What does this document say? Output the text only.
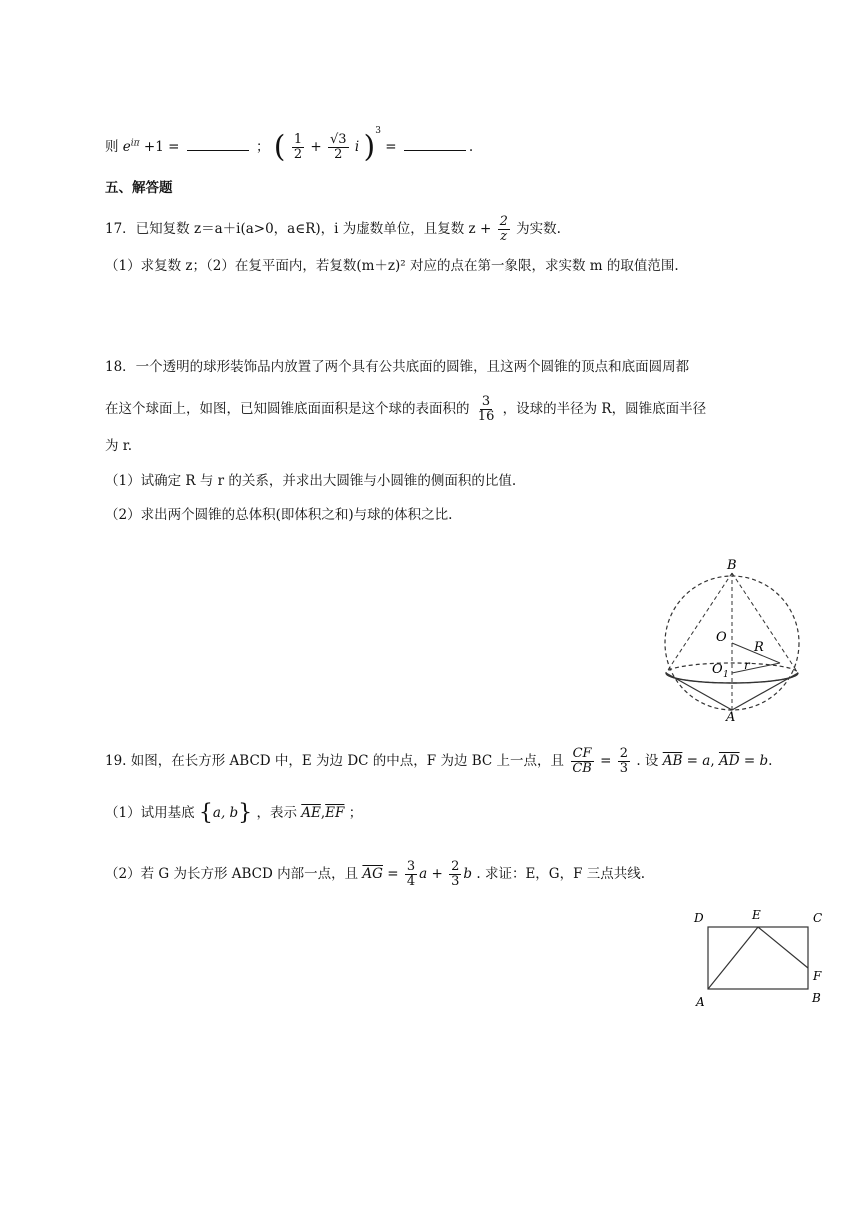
则 $e^{i\pi} +1$ =	； ( $\frac{1}{2} + \frac{√3}{2}$ i )$^3$ =	.
五、解答题
17．已知复数 z＝a＋i(a>0，a∈R)，i 为虚数单位，且复数 $z + \frac{2}{z}$ 为实数.
（1）求复数 z；（2）在复平面内，若复数(m＋z)² 对应的点在第一象限，求实数 m 的取值范围.
18．一个透明的球形装饰品内放置了两个具有公共底面的圆锥，且这两个圆锥的顶点和底面圆周都
在这个球面上，如图，已知圆锥底面面积是这个球的表面积的 $\frac{3}{16}$ ，设球的半径为 R，圆锥底面半径
为 r.
（1）试确定 R 与 r 的关系，并求出大圆锥与小圆锥的侧面积的比值.
（2）求出两个圆锥的总体积(即体积之和)与球的体积之比.
B
O
R
O 1
r
A
19. 如图，在长方形 ABCD 中，E 为边 DC 的中点，F 为边 BC 上一点，且 $\frac{CF}{CB} = \frac{2}{3}$ . 设 $\overline{AB} = a$, $\overline{AD} = b$.
（1）试用基底 {a, b} ，表示 $\overline{AE},\overline{EF}$ ；
（2）若 G 为长方形 ABCD 内部一点，且 $\overline{AG} = \frac{3}{4}$ $a + \frac{2}{3}$ b . 求证：E，G，F 三点共线.
D	E	C
F
A	B
